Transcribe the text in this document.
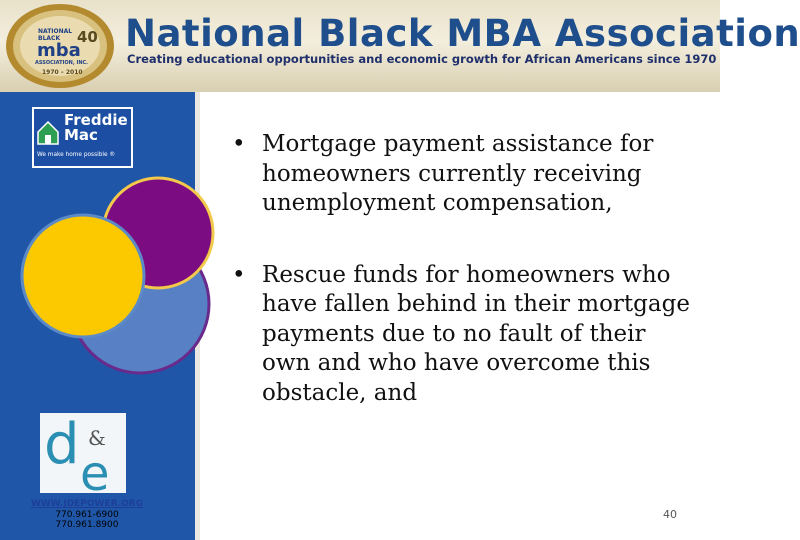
NATIONAL
BLACK
mba
40
ASSOCIATION, INC.
1970 – 2010
National Black MBA Association
Creating educational opportunities and economic growth for African Americans since 1970
Freddie
Mac
We make home possible ®
d &
e
WWW.JDEPOWER.ORG
770.961-6900
770.961.8900
• Mortgage payment assistance for homeowners currently receiving unemployment compensation,
• Rescue funds for homeowners who have fallen behind in their mortgage payments due to no fault of their own and who have overcome this obstacle, and
40
